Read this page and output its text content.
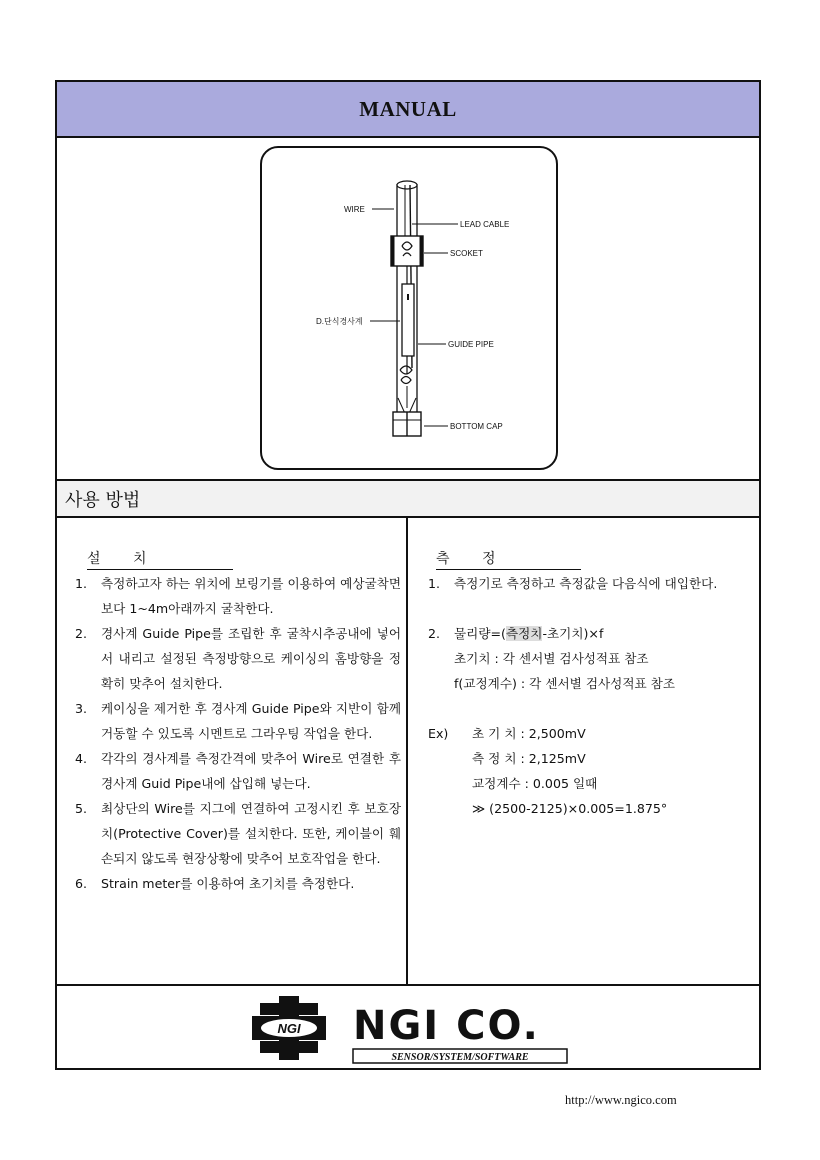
MANUAL
WIRE
LEAD CABLE
SCOKET
D.단식경사계
GUIDE PIPE
BOTTOM CAP
사용 방법
설 치
1. 측정하고자 하는 위치에 보링기를 이용하여 예상굴착면보다 1~4m아래까지 굴착한다.
2. 경사계 Guide Pipe를 조립한 후 굴착시추공내에 넣어서 내리고 설정된 측정방향으로 케이싱의 홈방향을 정확히 맞추어 설치한다.
3. 케이싱을 제거한 후 경사계 Guide Pipe와 지반이 함께 거동할 수 있도록 시멘트로 그라우팅 작업을 한다.
4. 각각의 경사계를 측정간격에 맞추어 Wire로 연결한 후 경사계 Guid Pipe내에 삽입해 넣는다.
5. 최상단의 Wire를 지그에 연결하여 고정시킨 후 보호장치(Protective Cover)를 설치한다. 또한, 케이블이 훼손되지 않도록 현장상황에 맞추어 보호작업을 한다.
6. Strain meter를 이용하여 초기치를 측정한다.
측 정
1. 측정기로 측정하고 측정값을 다음식에 대입한다.
2. 물리량=(측정치-초기치)×f
초기치 : 각 센서별 검사성적표 참조
f(교정계수) : 각 센서별 검사성적표 참조
Ex) 초 기 치 : 2,500mV
측 정 치 : 2,125mV
교정계수 : 0.005 일때
≫ (2500-2125)×0.005=1.875°
NGI NGI CO.
SENSOR/SYSTEM/SOFTWARE
http://www.ngico.com
